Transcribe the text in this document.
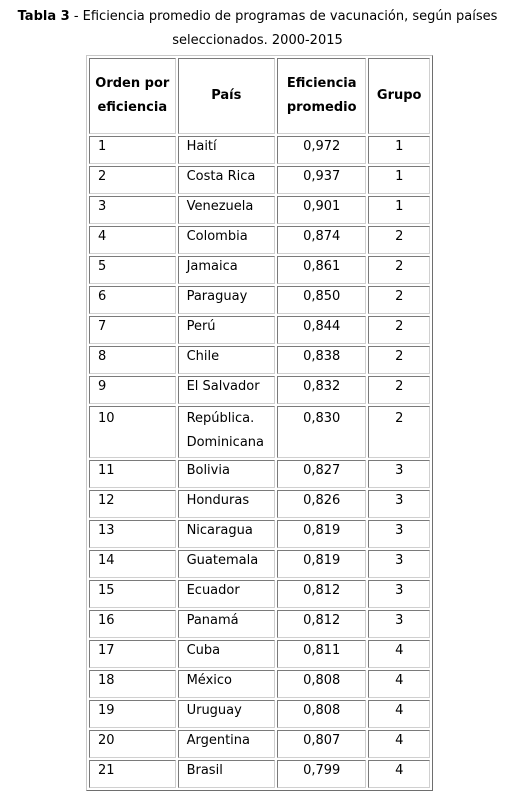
Tabla 3 - Eficiencia promedio de programas de vacunación, según países seleccionados. 2000-2015
Orden por eficiencia	País	Eficiencia promedio	Grupo
1	Haití	0,972	1
2	Costa Rica	0,937	1
3	Venezuela	0,901	1
4	Colombia	0,874	2
5	Jamaica	0,861	2
6	Paraguay	0,850	2
7	Perú	0,844	2
8	Chile	0,838	2
9	El Salvador	0,832	2
10	República. Dominicana	0,830	2
11	Bolivia	0,827	3
12	Honduras	0,826	3
13	Nicaragua	0,819	3
14	Guatemala	0,819	3
15	Ecuador	0,812	3
16	Panamá	0,812	3
17	Cuba	0,811	4
18	México	0,808	4
19	Uruguay	0,808	4
20	Argentina	0,807	4
21	Brasil	0,799	4
